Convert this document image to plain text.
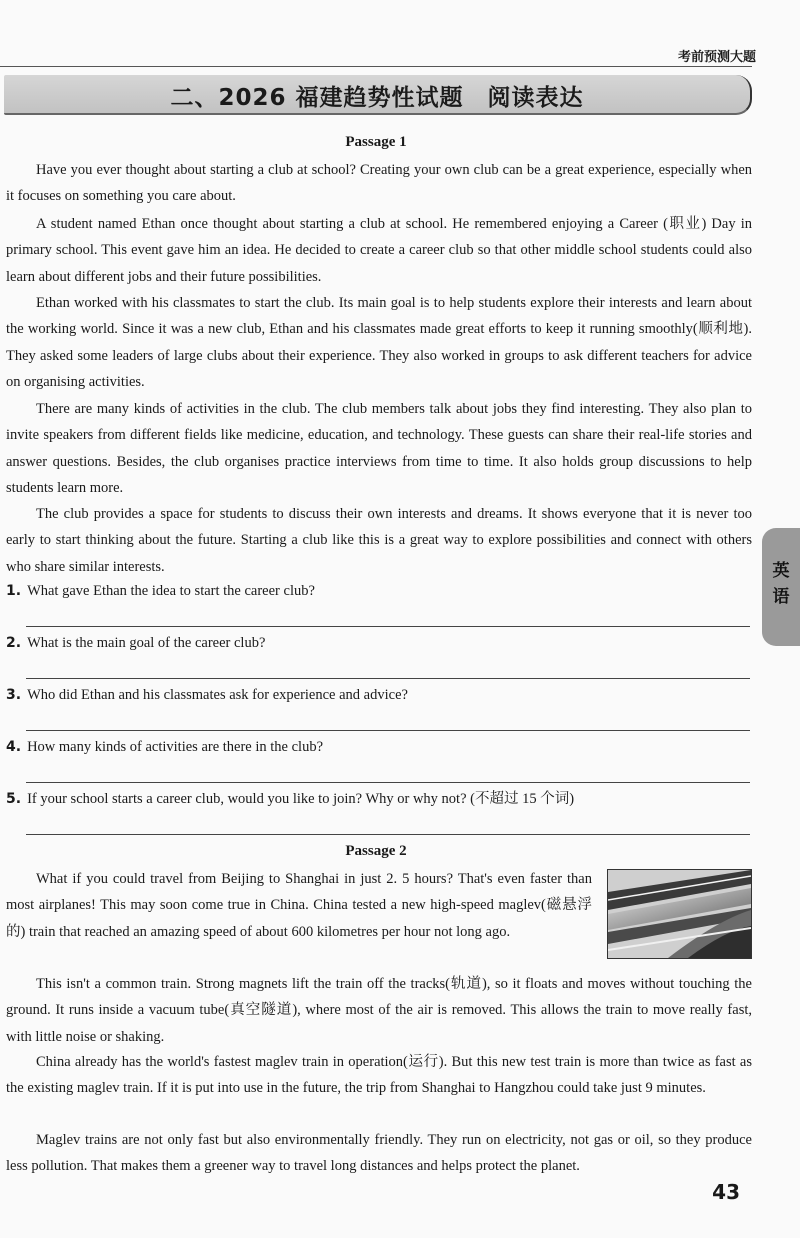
考前预测大题
二、2026 福建趋势性试题　阅读表达
Passage 1

Have you ever thought about starting a club at school? Creating your own club can be a great experience, especially when it focuses on something you care about.

A student named Ethan once thought about starting a club at school. He remembered enjoying a Career (职业) Day in primary school. This event gave him an idea. He decided to create a career club so that other middle school students could also learn about different jobs and their future possibilities.

Ethan worked with his classmates to start the club. Its main goal is to help students explore their interests and learn about the working world. Since it was a new club, Ethan and his classmates made great efforts to keep it running smoothly(顺利地). They asked some leaders of large clubs about their experience. They also worked in groups to ask different teachers for advice on organising activities.

There are many kinds of activities in the club. The club members talk about jobs they find interesting. They also plan to invite speakers from different fields like medicine, education, and technology. These guests can share their real-life stories and answer questions. Besides, the club organises practice interviews from time to time. It also holds group discussions to help students learn more.

The club provides a space for students to discuss their own interests and dreams. It shows everyone that it is never too early to start thinking about the future. Starting a club like this is a great way to explore possibilities and connect with others who share similar interests.

1. What gave Ethan the idea to start the career club?
2. What is the main goal of the career club?
3. Who did Ethan and his classmates ask for experience and advice?
4. How many kinds of activities are there in the club?
5. If your school starts a career club, would you like to join? Why or why not? (不超过 15 个词)
Passage 2

What if you could travel from Beijing to Shanghai in just 2. 5 hours? That's even faster than most airplanes! This may soon come true in China. China tested a new high-speed maglev(磁悬浮的) train that reached an amazing speed of about 600 kilometres per hour not long ago.

This isn't a common train. Strong magnets lift the train off the tracks(轨道), so it floats and moves without touching the ground. It runs inside a vacuum tube(真空隧道), where most of the air is removed. This allows the train to move really fast, with little noise or shaking.

China already has the world's fastest maglev train in operation(运行). But this new test train is more than twice as fast as the existing maglev train. If it is put into use in the future, the trip from Shanghai to Hangzhou could take just 9 minutes.

Maglev trains are not only fast but also environmentally friendly. They run on electricity, not gas or oil, so they produce less pollution. That makes them a greener way to travel long distances and helps protect the planet.

英
语
43
